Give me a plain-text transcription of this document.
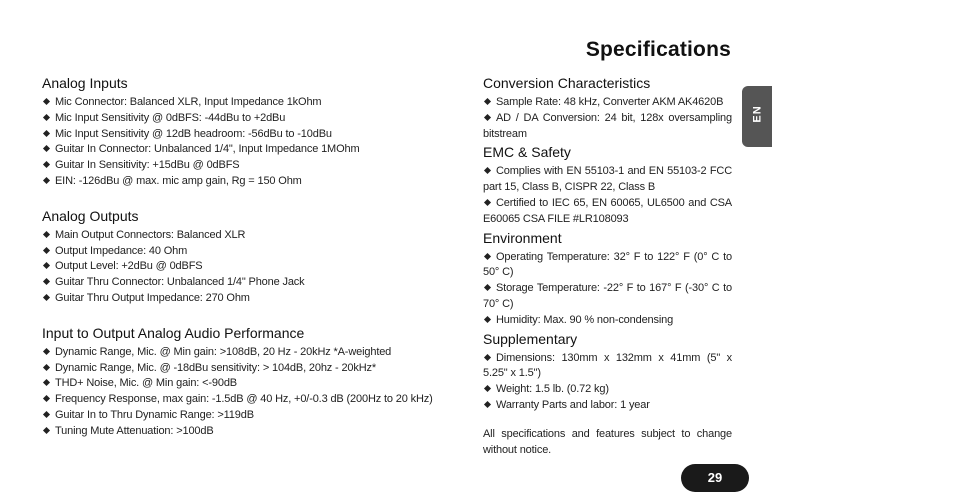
Specifications
Analog Inputs
Mic Connector: Balanced XLR, Input Impedance 1kOhm
Mic Input Sensitivity @ 0dBFS: -44dBu to +2dBu
Mic Input Sensitivity @ 12dB headroom: -56dBu to -10dBu
Guitar In Connector: Unbalanced 1/4", Input Impedance 1MOhm
Guitar In Sensitivity: +15dBu @ 0dBFS
EIN: -126dBu @ max. mic amp gain, Rg = 150 Ohm
Analog Outputs
Main Output Connectors: Balanced XLR
Output Impedance: 40 Ohm
Output Level: +2dBu @ 0dBFS
Guitar Thru Connector: Unbalanced 1/4" Phone Jack
Guitar Thru Output Impedance: 270 Ohm
Input to Output Analog Audio Performance
Dynamic Range, Mic. @ Min gain: >108dB, 20 Hz - 20kHz *A-weighted
Dynamic Range, Mic. @ -18dBu sensitivity: > 104dB, 20hz - 20kHz*
THD+ Noise, Mic. @ Min gain: <-90dB
Frequency Response, max gain: -1.5dB @ 40 Hz, +0/-0.3 dB (200Hz to 20 kHz)
Guitar In to Thru Dynamic Range: >119dB
Tuning Mute Attenuation: >100dB
Conversion Characteristics
Sample Rate: 48 kHz, Converter AKM AK4620B
AD / DA Conversion: 24 bit, 128x oversampling bitstream
EMC & Safety
Complies with EN 55103-1 and EN 55103-2 FCC part 15, Class B, CISPR 22, Class B
Certified to IEC 65, EN 60065, UL6500 and CSA E60065 CSA FILE #LR108093
Environment
Operating Temperature: 32° F to 122° F (0° C to 50° C)
Storage Temperature: -22° F to 167° F (-30° C to 70° C)
Humidity: Max. 90 % non-condensing
Supplementary
Dimensions: 130mm x 132mm x 41mm (5" x 5.25" x 1.5")
Weight: 1.5 lb. (0.72 kg)
Warranty Parts and labor: 1 year
All specifications and features subject to change without notice.
EN
29
